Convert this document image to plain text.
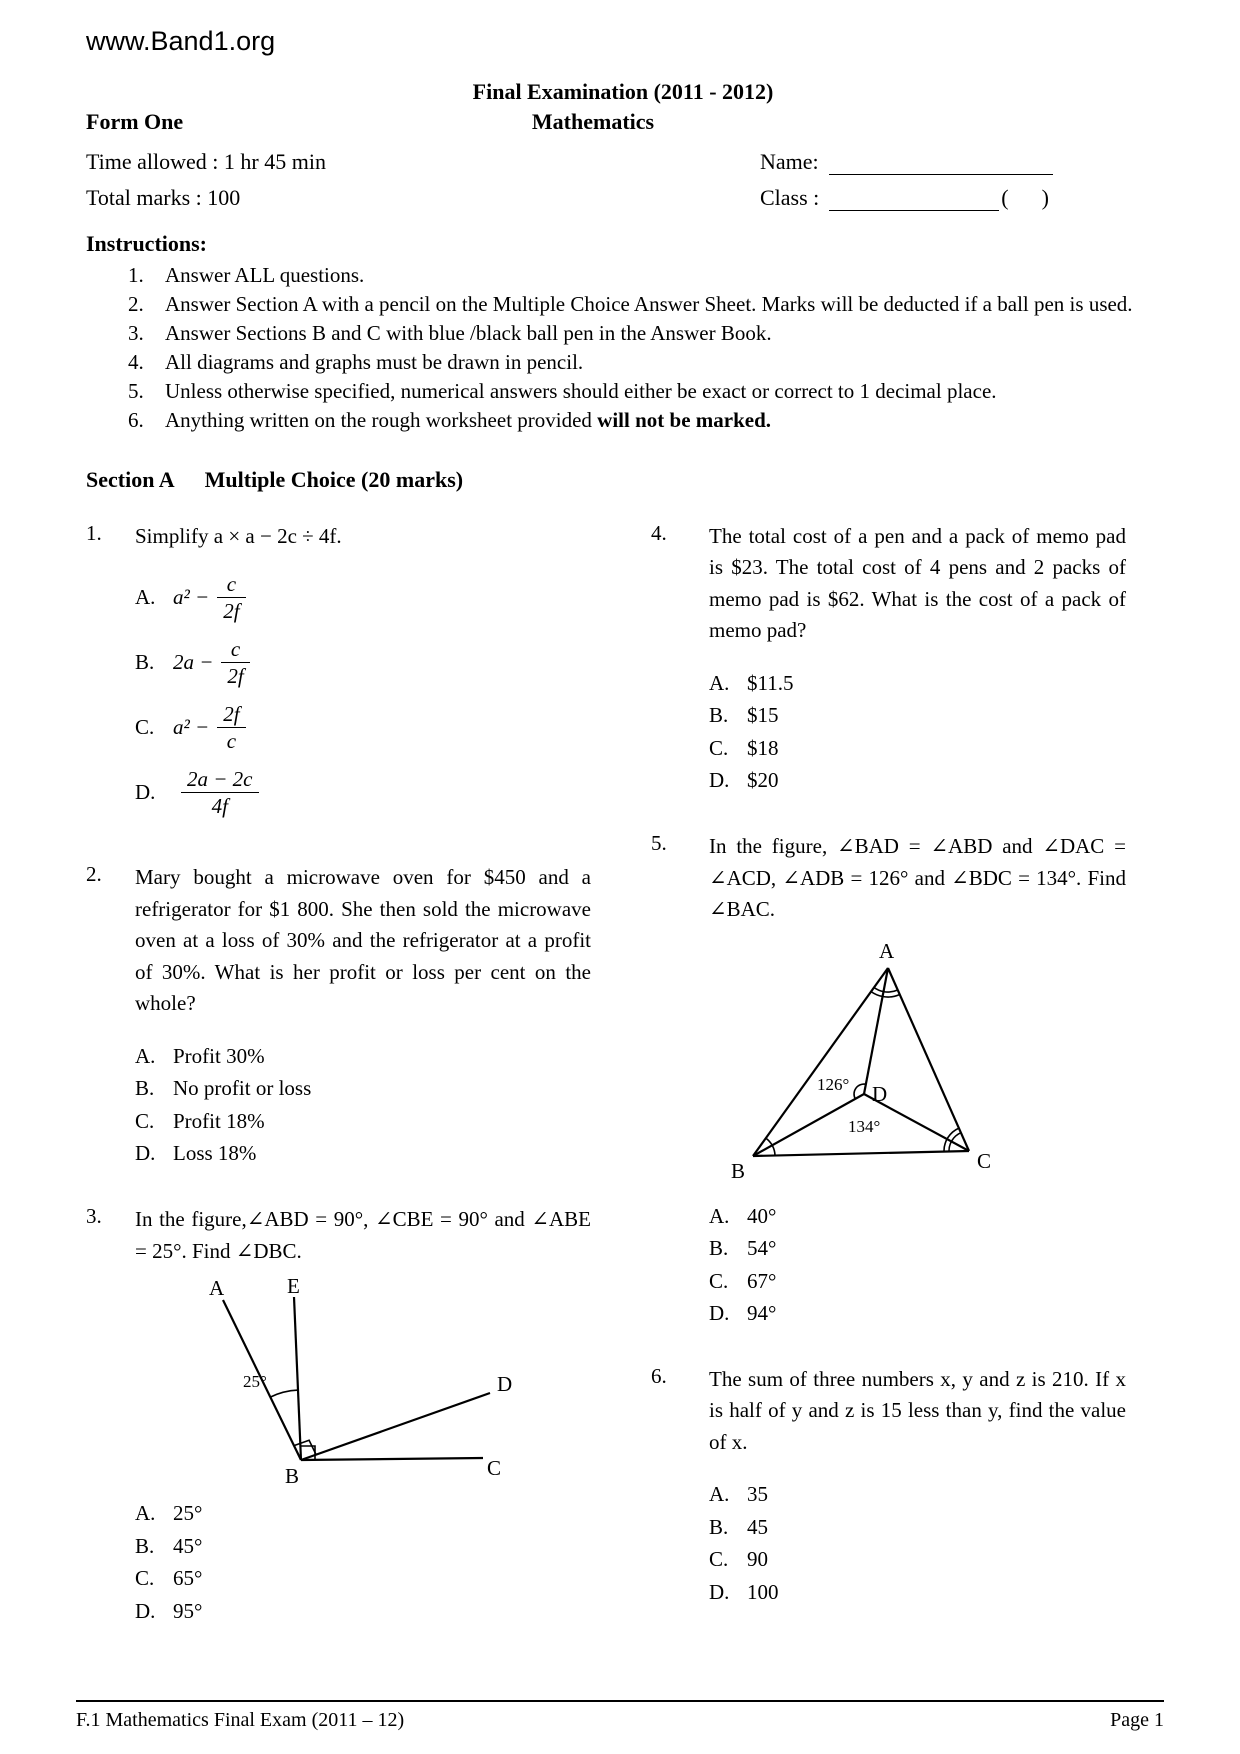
www.Band1.org
Final Examination (2011 - 2012)
Form One	Mathematics
Time allowed : 1 hr 45 min	Name:
Total marks : 100	Class :	(      )
Instructions:
1.	Answer ALL questions.
2.	Answer Section A with a pencil on the Multiple Choice Answer Sheet. Marks will be deducted if a ball pen is used.
3.	Answer Sections B and C with blue /black ball pen in the Answer Book.
4.	All diagrams and graphs must be drawn in pencil.
5.	Unless otherwise specified, numerical answers should either be exact or correct to 1 decimal place.
6.	Anything written on the rough worksheet provided will not be marked.
Section A Multiple Choice (20 marks)
1.	Simplify a × a − 2c ÷ 4f.

A. $a^2 - \frac{c}{2f}$
B. $2a - \frac{c}{2f}$
C. $a^2 - \frac{2f}{c}$
D.	$\frac{2a - 2c}{4f}$
2.	Mary bought a microwave oven for $450 and a refrigerator for $1 800. She then sold the microwave oven at a loss of 30% and the refrigerator at a profit of 30%. What is her profit or loss per cent on the whole?

A. Profit 30%
B. No profit or loss
C. Profit 18%
D. Loss 18%
3.	In the figure,∠ABD = 90°, ∠CBE = 90° and ∠ABE = 25°. Find ∠DBC.

A	E
D
C
B
25°
A. 25°
B. 45°
C. 65°
D. 95°
4.	The total cost of a pen and a pack of memo pad is $23. The total cost of 4 pens and 2 packs of memo pad is $62. What is the cost of a pack of memo pad?

A. $11.5
B. $15
C. $18
D. $20
5.	In the figure, ∠BAD = ∠ABD and ∠DAC = ∠ACD, ∠ADB = 126° and ∠BDC = 134°. Find ∠BAC.

A
B	C
D
126°
134°
A. 40°
B. 54°
C. 67°
D. 94°
6.	The sum of three numbers x, y and z is 210. If x is half of y and z is 15 less than y, find the value of x.

A. 35
B. 45
C. 90
D. 100
F.1 Mathematics Final Exam (2011 – 12)	Page 1
